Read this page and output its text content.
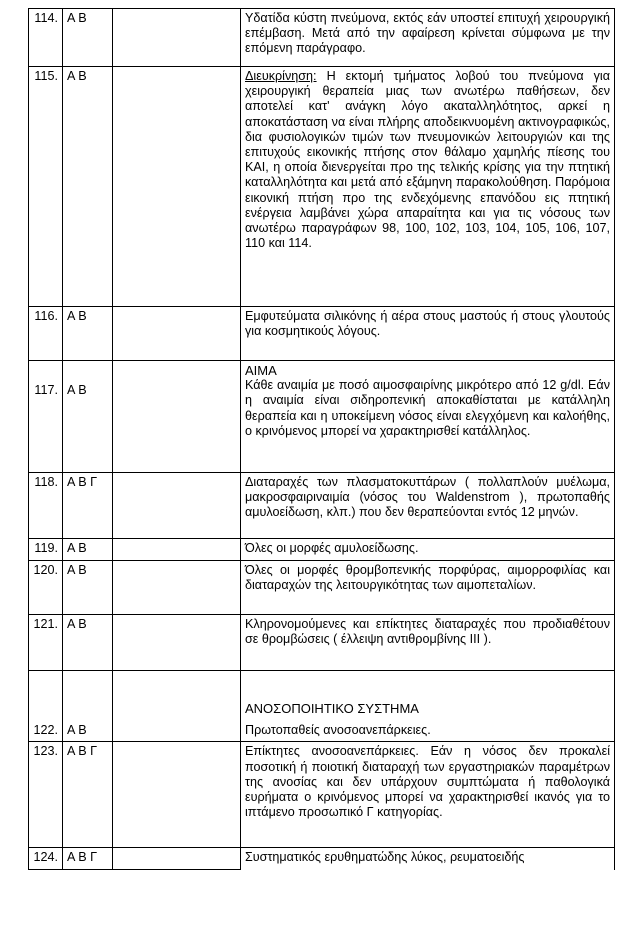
114.	Α Β		Υδατίδα κύστη πνεύμονα, εκτός εάν υποστεί επιτυχή χειρουργική επέμβαση. Μετά από την αφαίρεση κρίνεται σύμφωνα με την επόμενη παράγραφο.
115.	Α Β		Διευκρίνηση: Η εκτομή τμήματος λοβού του πνεύμονα για χειρουργική θεραπεία μιας των ανωτέρω παθήσεων, δεν αποτελεί κατ' ανάγκη λόγο ακαταλληλότητος, αρκεί η αποκατάσταση να είναι πλήρης αποδεικνυομένη ακτινογραφικώς, δια φυσιολογικών τιμών των πνευμονικών λειτουργιών και της επιτυχούς εικονικής πτήσης στον θάλαμο χαμηλής πίεσης του ΚΑΙ, η οποία διενεργείται προ της τελικής κρίσης για την πτητική καταλληλότητα και μετά από εξάμηνη παρακολούθηση. Παρόμοια εικονική πτήση προ της ενδεχόμενης επανόδου εις πτητική ενέργεια λαμβάνει χώρα απαραίτητα και για τις νόσους των ανωτέρω παραγράφων 98, 100, 102, 103, 104, 105, 106, 107, 110 και 114.
116.	Α Β		Εμφυτεύματα σιλικόνης ή αέρα στους μαστούς ή στους γλουτούς για κοσμητικούς λόγους.
117.	Α Β		ΑΙΜΑ
Κάθε αναιμία με ποσό αιμοσφαιρίνης μικρότερο από 12 g/dl. Εάν η αναιμία είναι σιδηροπενική αποκαθίσταται με κατάλληλη θεραπεία και η υποκείμενη νόσος είναι ελεγχόμενη και καλοήθης, ο κρινόμενος μπορεί να χαρακτηρισθεί κατάλληλος.

118.	Α Β Γ		Διαταραχές των πλασματοκυττάρων ( πολλαπλούν μυέλωμα, μακροσφαιριναιμία (νόσος του Waldenstrom ), πρωτοπαθής αμυλοείδωση, κλπ.) που δεν θεραπεύονται εντός 12 μηνών.
119.	Α Β		Όλες οι μορφές αμυλοείδωσης.
120.	Α Β		Όλες οι μορφές θρομβοπενικής πορφύρας, αιμορροφιλίας και διαταραχών της λειτουργικότητας των αιμοπεταλίων.
121.	Α Β		Κληρονομούμενες και επίκτητες διαταραχές που προδιαθέτουν σε θρομβώσεις ( έλλειψη αντιθρομβίνης ΙΙΙ ).
122.	Α Β		ΑΝΟΣΟΠΟΙΗΤΙΚΟ ΣΥΣΤΗΜΑ
Πρωτοπαθείς ανοσοανεπάρκειες.

123.	Α Β Γ		Επίκτητες ανοσοανεπάρκειες. Εάν η νόσος δεν προκαλεί ποσοτική ή ποιοτική διαταραχή των εργαστηριακών παραμέτρων της ανοσίας και δεν υπάρχουν συμπτώματα ή παθολογικά ευρήματα ο κρινόμενος μπορεί να χαρακτηρισθεί ικανός για το ιπτάμενο προσωπικό Γ κατηγορίας.
124.	Α Β Γ		Συστηματικός ερυθηματώδης λύκος, ρευματοειδής
